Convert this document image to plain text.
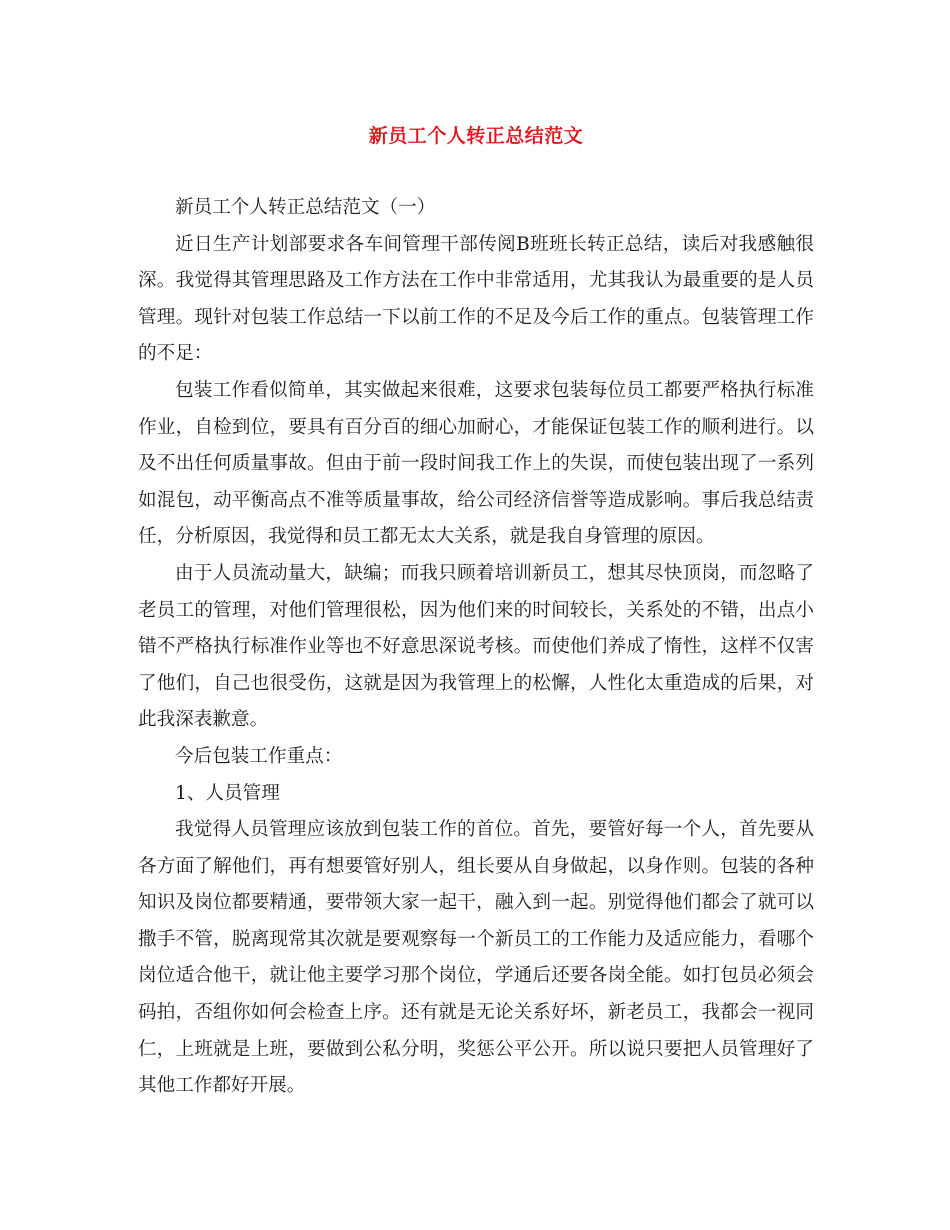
新员工个人转正总结范文

新员工个人转正总结范文（一）

近日生产计划部要求各车间管理干部传阅B班班长转正总结，读后对我感触很深。我觉得其管理思路及工作方法在工作中非常适用，尤其我认为最重要的是人员管理。现针对包装工作总结一下以前工作的不足及今后工作的重点。包装管理工作的不足：

包装工作看似简单，其实做起来很难，这要求包装每位员工都要严格执行标准作业，自检到位，要具有百分百的细心加耐心，才能保证包装工作的顺利进行。以及不出任何质量事故。但由于前一段时间我工作上的失误，而使包装出现了一系列如混包，动平衡高点不准等质量事故，给公司经济信誉等造成影响。事后我总结责任，分析原因，我觉得和员工都无太大关系，就是我自身管理的原因。

由于人员流动量大，缺编；而我只顾着培训新员工，想其尽快顶岗，而忽略了老员工的管理，对他们管理很松，因为他们来的时间较长，关系处的不错，出点小错不严格执行标准作业等也不好意思深说考核。而使他们养成了惰性，这样不仅害了他们，自己也很受伤，这就是因为我管理上的松懈，人性化太重造成的后果，对此我深表歉意。

今后包装工作重点：

1、人员管理

我觉得人员管理应该放到包装工作的首位。首先，要管好每一个人，首先要从各方面了解他们，再有想要管好别人，组长要从自身做起，以身作则。包装的各种知识及岗位都要精通，要带领大家一起干，融入到一起。别觉得他们都会了就可以撒手不管，脱离现常其次就是要观察每一个新员工的工作能力及适应能力，看哪个岗位适合他干，就让他主要学习那个岗位，学通后还要各岗全能。如打包员必须会码拍，否组你如何会检查上序。还有就是无论关系好坏，新老员工，我都会一视同仁，上班就是上班，要做到公私分明，奖惩公平公开。所以说只要把人员管理好了其他工作都好开展。
